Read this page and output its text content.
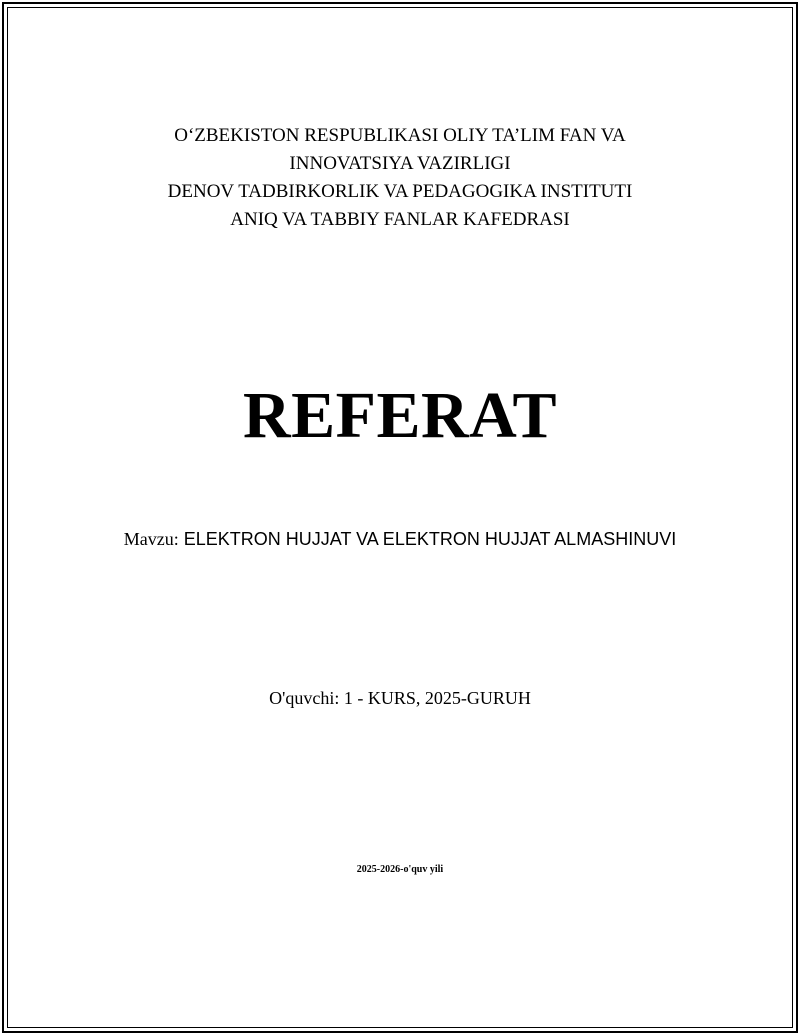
O‘ZBEKISTON RESPUBLIKASI OLIY TA’LIM FAN VA
INNOVATSIYA VAZIRLIGI
DENOV TADBIRKORLIK VA PEDAGOGIKA INSTITUTI
ANIQ VA TABBIY FANLAR KAFEDRASI
REFERAT
Mavzu: ELEKTRON HUJJAT VA ELEKTRON HUJJAT ALMASHINUVI
O'quvchi: 1 - KURS, 2025-GURUH
2025-2026-o'quv yili
